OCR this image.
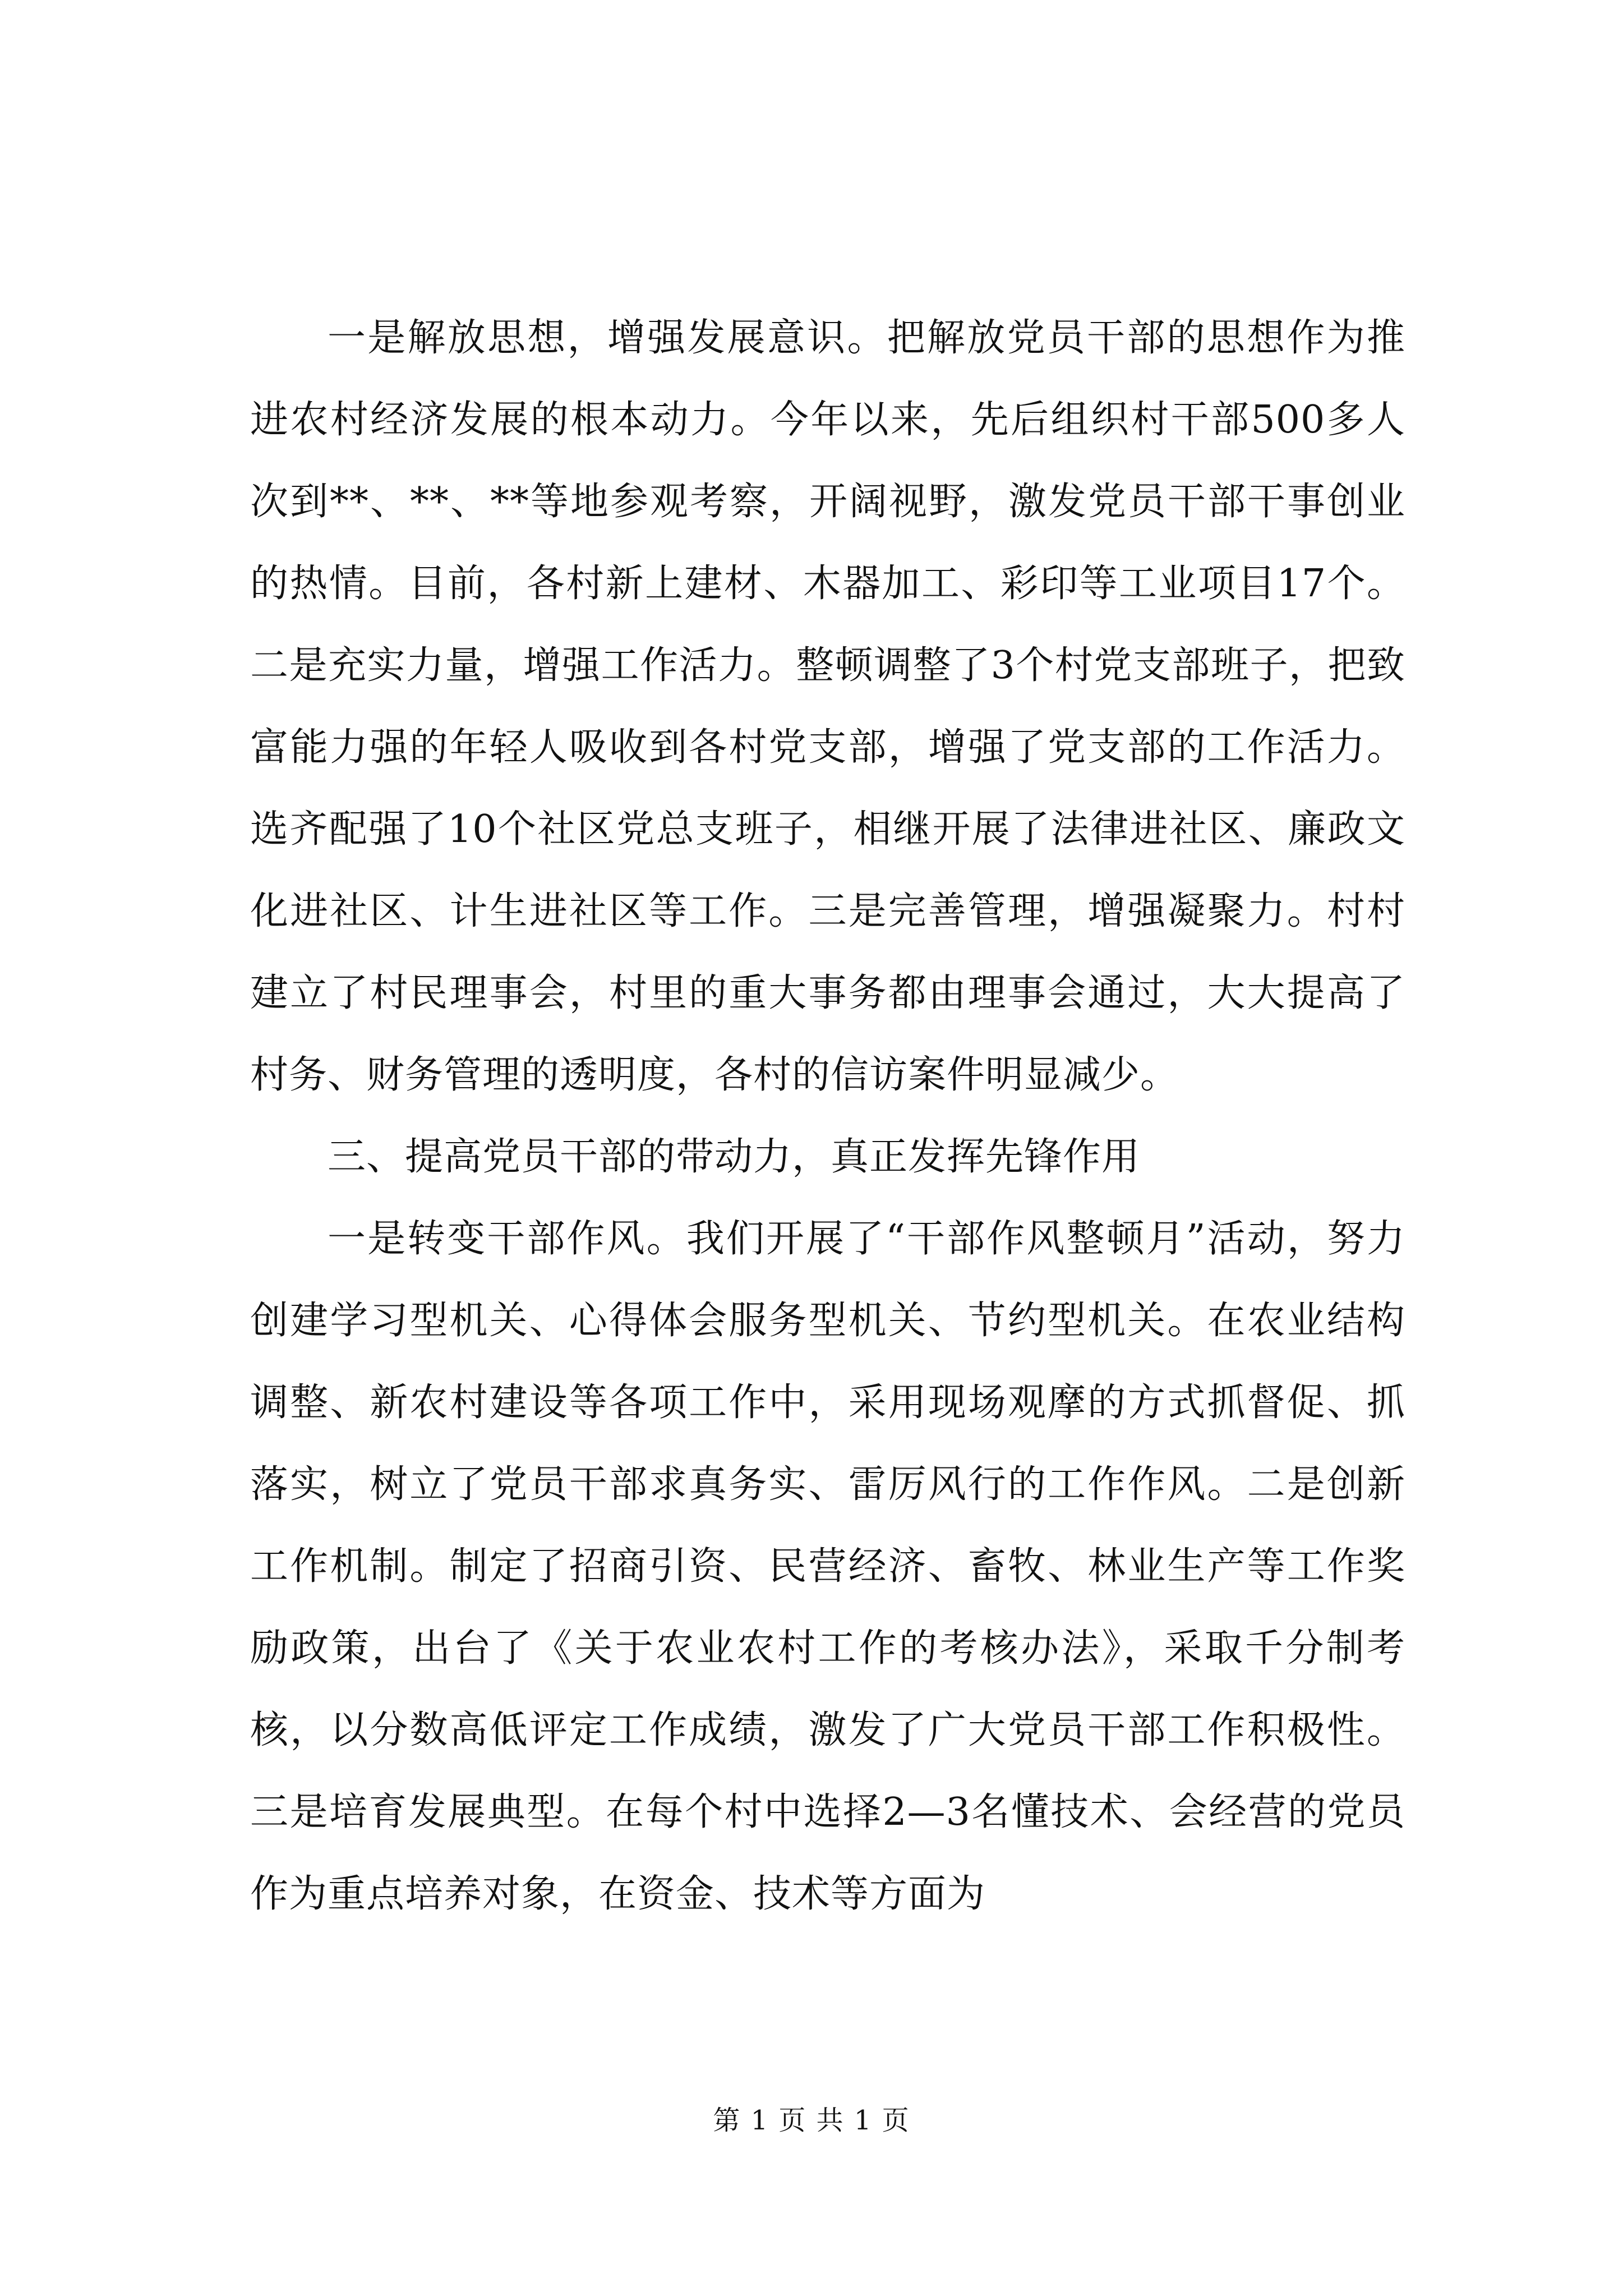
一是解放思想，增强发展意识。把解放党员干部的思想作为推进农村经济发展的根本动力。今年以来，先后组织村干部500多人次到**、**、**等地参观考察，开阔视野，激发党员干部干事创业的热情。目前，各村新上建材、木器加工、彩印等工业项目17个。二是充实力量，增强工作活力。整顿调整了3个村党支部班子，把致富能力强的年轻人吸收到各村党支部，增强了党支部的工作活力。选齐配强了10个社区党总支班子，相继开展了法律进社区、廉政文化进社区、计生进社区等工作。三是完善管理，增强凝聚力。村村建立了村民理事会，村里的重大事务都由理事会通过，大大提高了村务、财务管理的透明度，各村的信访案件明显减少。

三、提高党员干部的带动力，真正发挥先锋作用

一是转变干部作风。我们开展了“干部作风整顿月”活动，努力创建学习型机关、心得体会服务型机关、节约型机关。在农业结构调整、新农村建设等各项工作中，采用现场观摩的方式抓督促、抓落实，树立了党员干部求真务实、雷厉风行的工作作风。二是创新工作机制。制定了招商引资、民营经济、畜牧、林业生产等工作奖励政策，出台了《关于农业农村工作的考核办法》，采取千分制考核，以分数高低评定工作成绩，激发了广大党员干部工作积极性。三是培育发展典型。在每个村中选择2—3名懂技术、会经营的党员作为重点培养对象，在资金、技术等方面为

第 1 页 共 1 页
